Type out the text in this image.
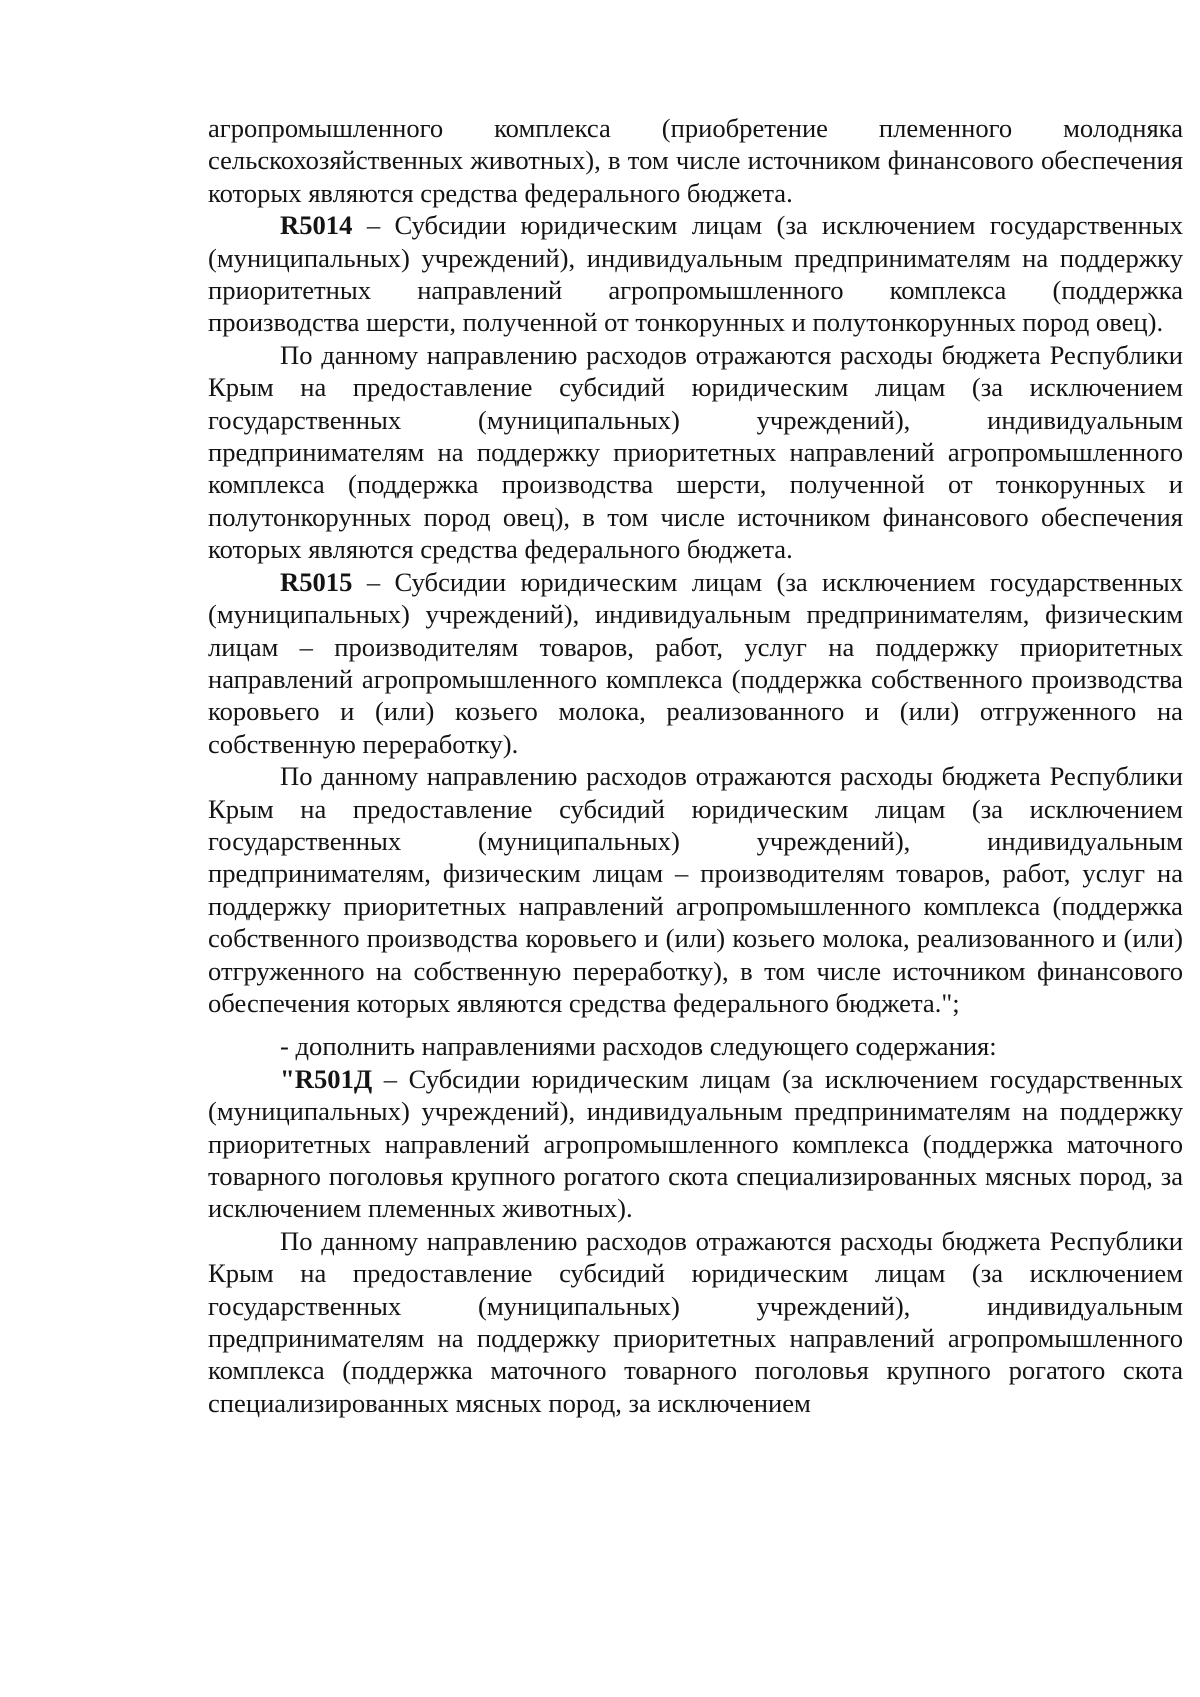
агропромышленного комплекса (приобретение племенного молодняка сельскохозяйственных животных), в том числе источником финансового обеспечения которых являются средства федерального бюджета.

R5014 – Субсидии юридическим лицам (за исключением государственных (муниципальных) учреждений), индивидуальным предпринимателям на поддержку приоритетных направлений агропромышленного комплекса (поддержка производства шерсти, полученной от тонкорунных и полутонкорунных пород овец).

По данному направлению расходов отражаются расходы бюджета Республики Крым на предоставление субсидий юридическим лицам (за исключением государственных (муниципальных) учреждений), индивидуальным предпринимателям на поддержку приоритетных направлений агропромышленного комплекса (поддержка производства шерсти, полученной от тонкорунных и полутонкорунных пород овец), в том числе источником финансового обеспечения которых являются средства федерального бюджета.

R5015 – Субсидии юридическим лицам (за исключением государственных (муниципальных) учреждений), индивидуальным предпринимателям, физическим лицам – производителям товаров, работ, услуг на поддержку приоритетных направлений агропромышленного комплекса (поддержка собственного производства коровьего и (или) козьего молока, реализованного и (или) отгруженного на собственную переработку).

По данному направлению расходов отражаются расходы бюджета Республики Крым на предоставление субсидий юридическим лицам (за исключением государственных (муниципальных) учреждений), индивидуальным предпринимателям, физическим лицам – производителям товаров, работ, услуг на поддержку приоритетных направлений агропромышленного комплекса (поддержка собственного производства коровьего и (или) козьего молока, реализованного и (или) отгруженного на собственную переработку), в том числе источником финансового обеспечения которых являются средства федерального бюджета.";

- дополнить направлениями расходов следующего содержания:

"R501Д – Субсидии юридическим лицам (за исключением государственных (муниципальных) учреждений), индивидуальным предпринимателям на поддержку приоритетных направлений агропромышленного комплекса (поддержка маточного товарного поголовья крупного рогатого скота специализированных мясных пород, за исключением племенных животных).

По данному направлению расходов отражаются расходы бюджета Республики Крым на предоставление субсидий юридическим лицам (за исключением государственных (муниципальных) учреждений), индивидуальным предпринимателям на поддержку приоритетных направлений агропромышленного комплекса (поддержка маточного товарного поголовья крупного рогатого скота специализированных мясных пород, за исключением
